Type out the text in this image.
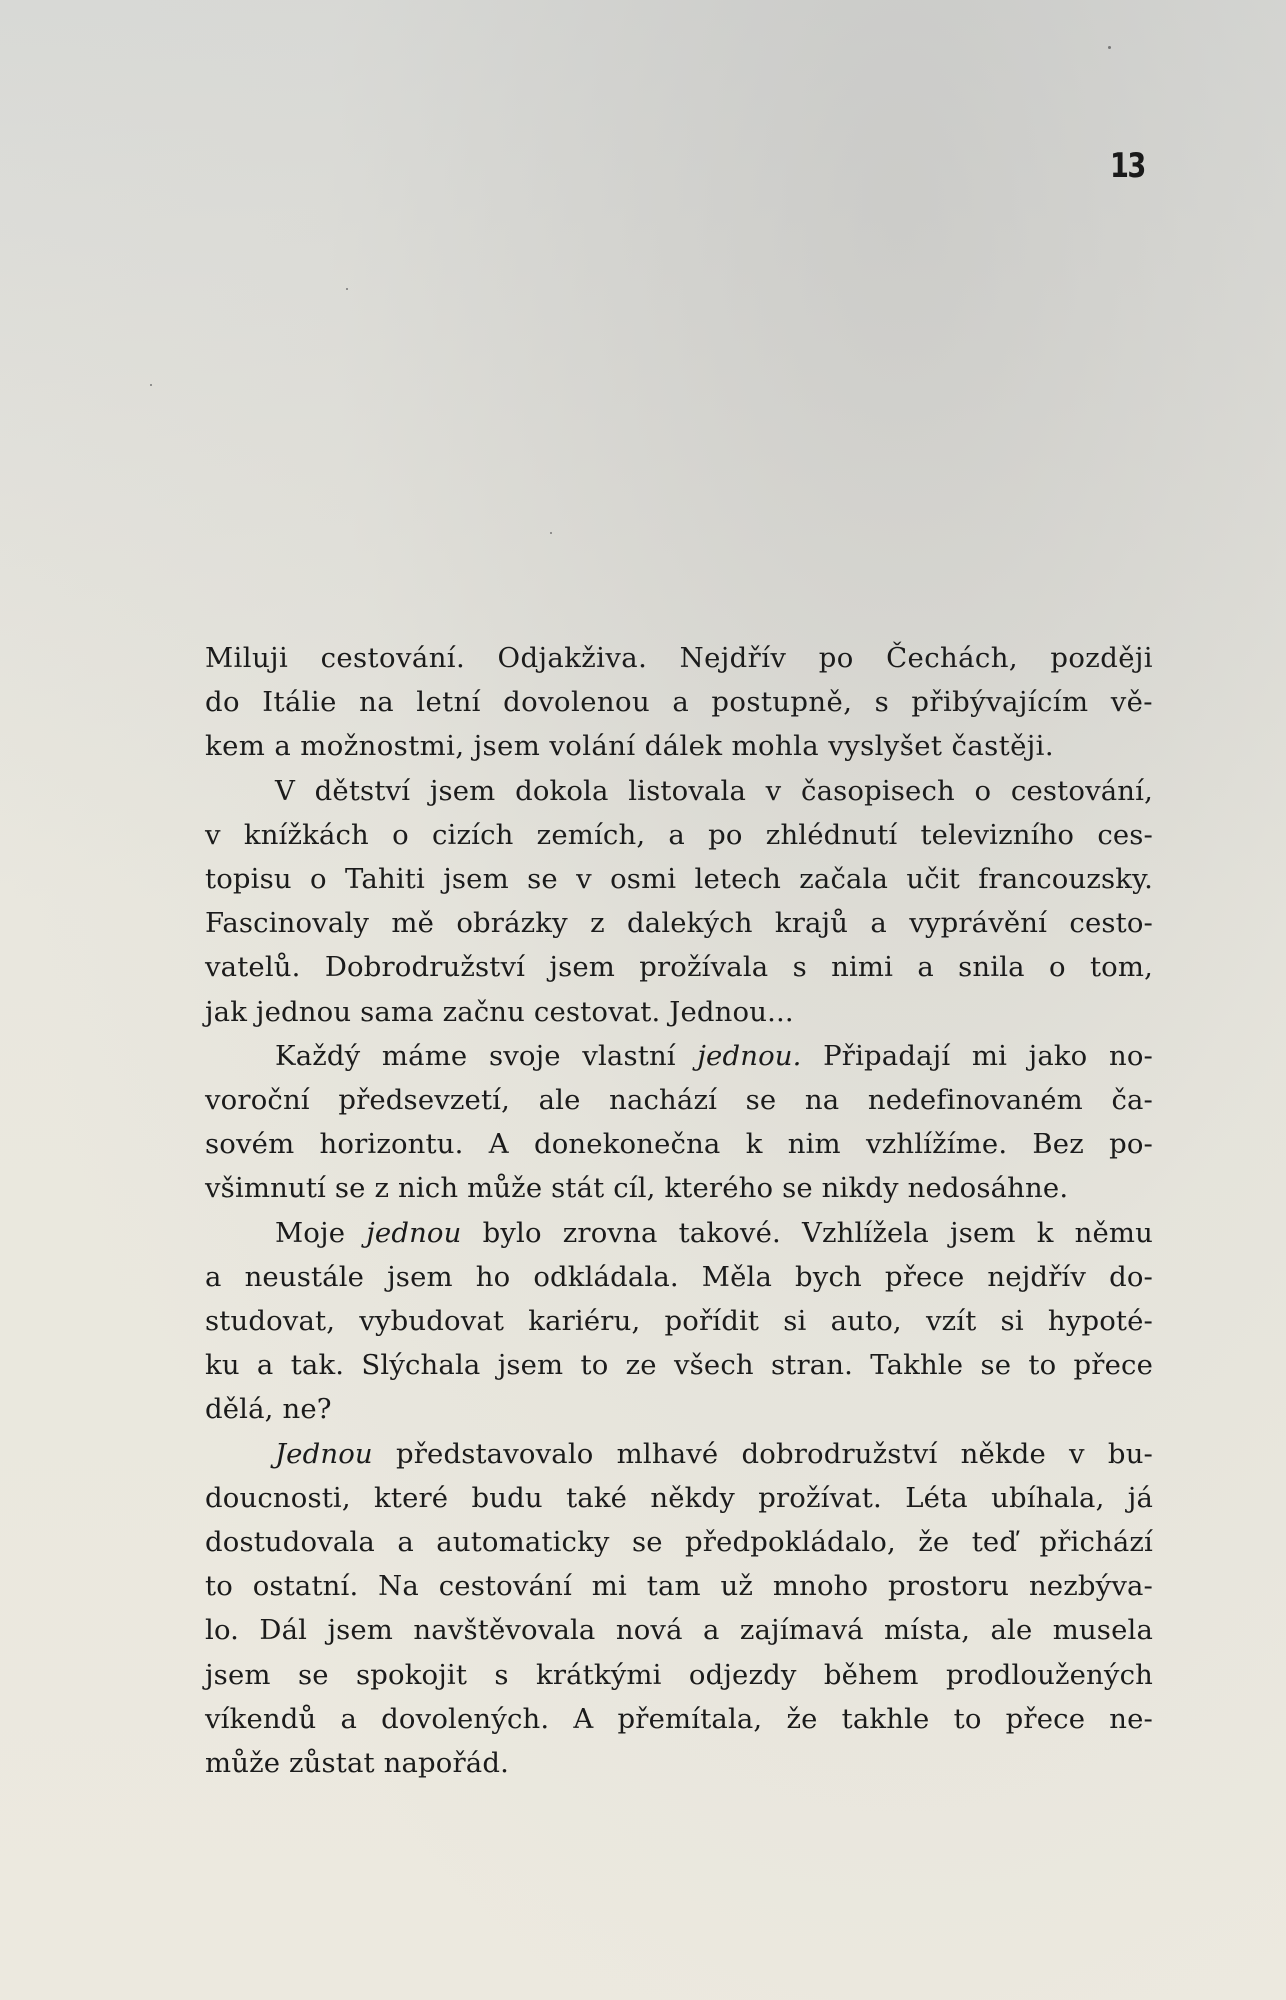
13
Miluji cestování. Odjakživa. Nejdřív po Čechách, později
do Itálie na letní dovolenou a postupně, s přibývajícím vě-
kem a možnostmi, jsem volání dálek mohla vyslyšet častěji.
V dětství jsem dokola listovala v časopisech o cestování,
v knížkách o cizích zemích, a po zhlédnutí televizního ces-
topisu o Tahiti jsem se v osmi letech začala učit francouzsky.
Fascinovaly mě obrázky z dalekých krajů a vyprávění cesto-
vatelů. Dobrodružství jsem prožívala s nimi a snila o tom,
jak jednou sama začnu cestovat. Jednou...
Každý máme svoje vlastní jednou. Připadají mi jako no-
voroční předsevzetí, ale nachází se na nedefinovaném ča-
sovém horizontu. A donekonečna k nim vzhlížíme. Bez po-
všimnutí se z nich může stát cíl, kterého se nikdy nedosáhne.
Moje jednou bylo zrovna takové. Vzhlížela jsem k němu
a neustále jsem ho odkládala. Měla bych přece nejdřív do-
studovat, vybudovat kariéru, pořídit si auto, vzít si hypoté-
ku a tak. Slýchala jsem to ze všech stran. Takhle se to přece
dělá, ne?
Jednou představovalo mlhavé dobrodružství někde v bu-
doucnosti, které budu také někdy prožívat. Léta ubíhala, já
dostudovala a automaticky se předpokládalo, že teď přichází
to ostatní. Na cestování mi tam už mnoho prostoru nezbýva-
lo. Dál jsem navštěvovala nová a zajímavá místa, ale musela
jsem se spokojit s krátkými odjezdy během prodloužených
víkendů a dovolených. A přemítala, že takhle to přece ne-
může zůstat napořád.
